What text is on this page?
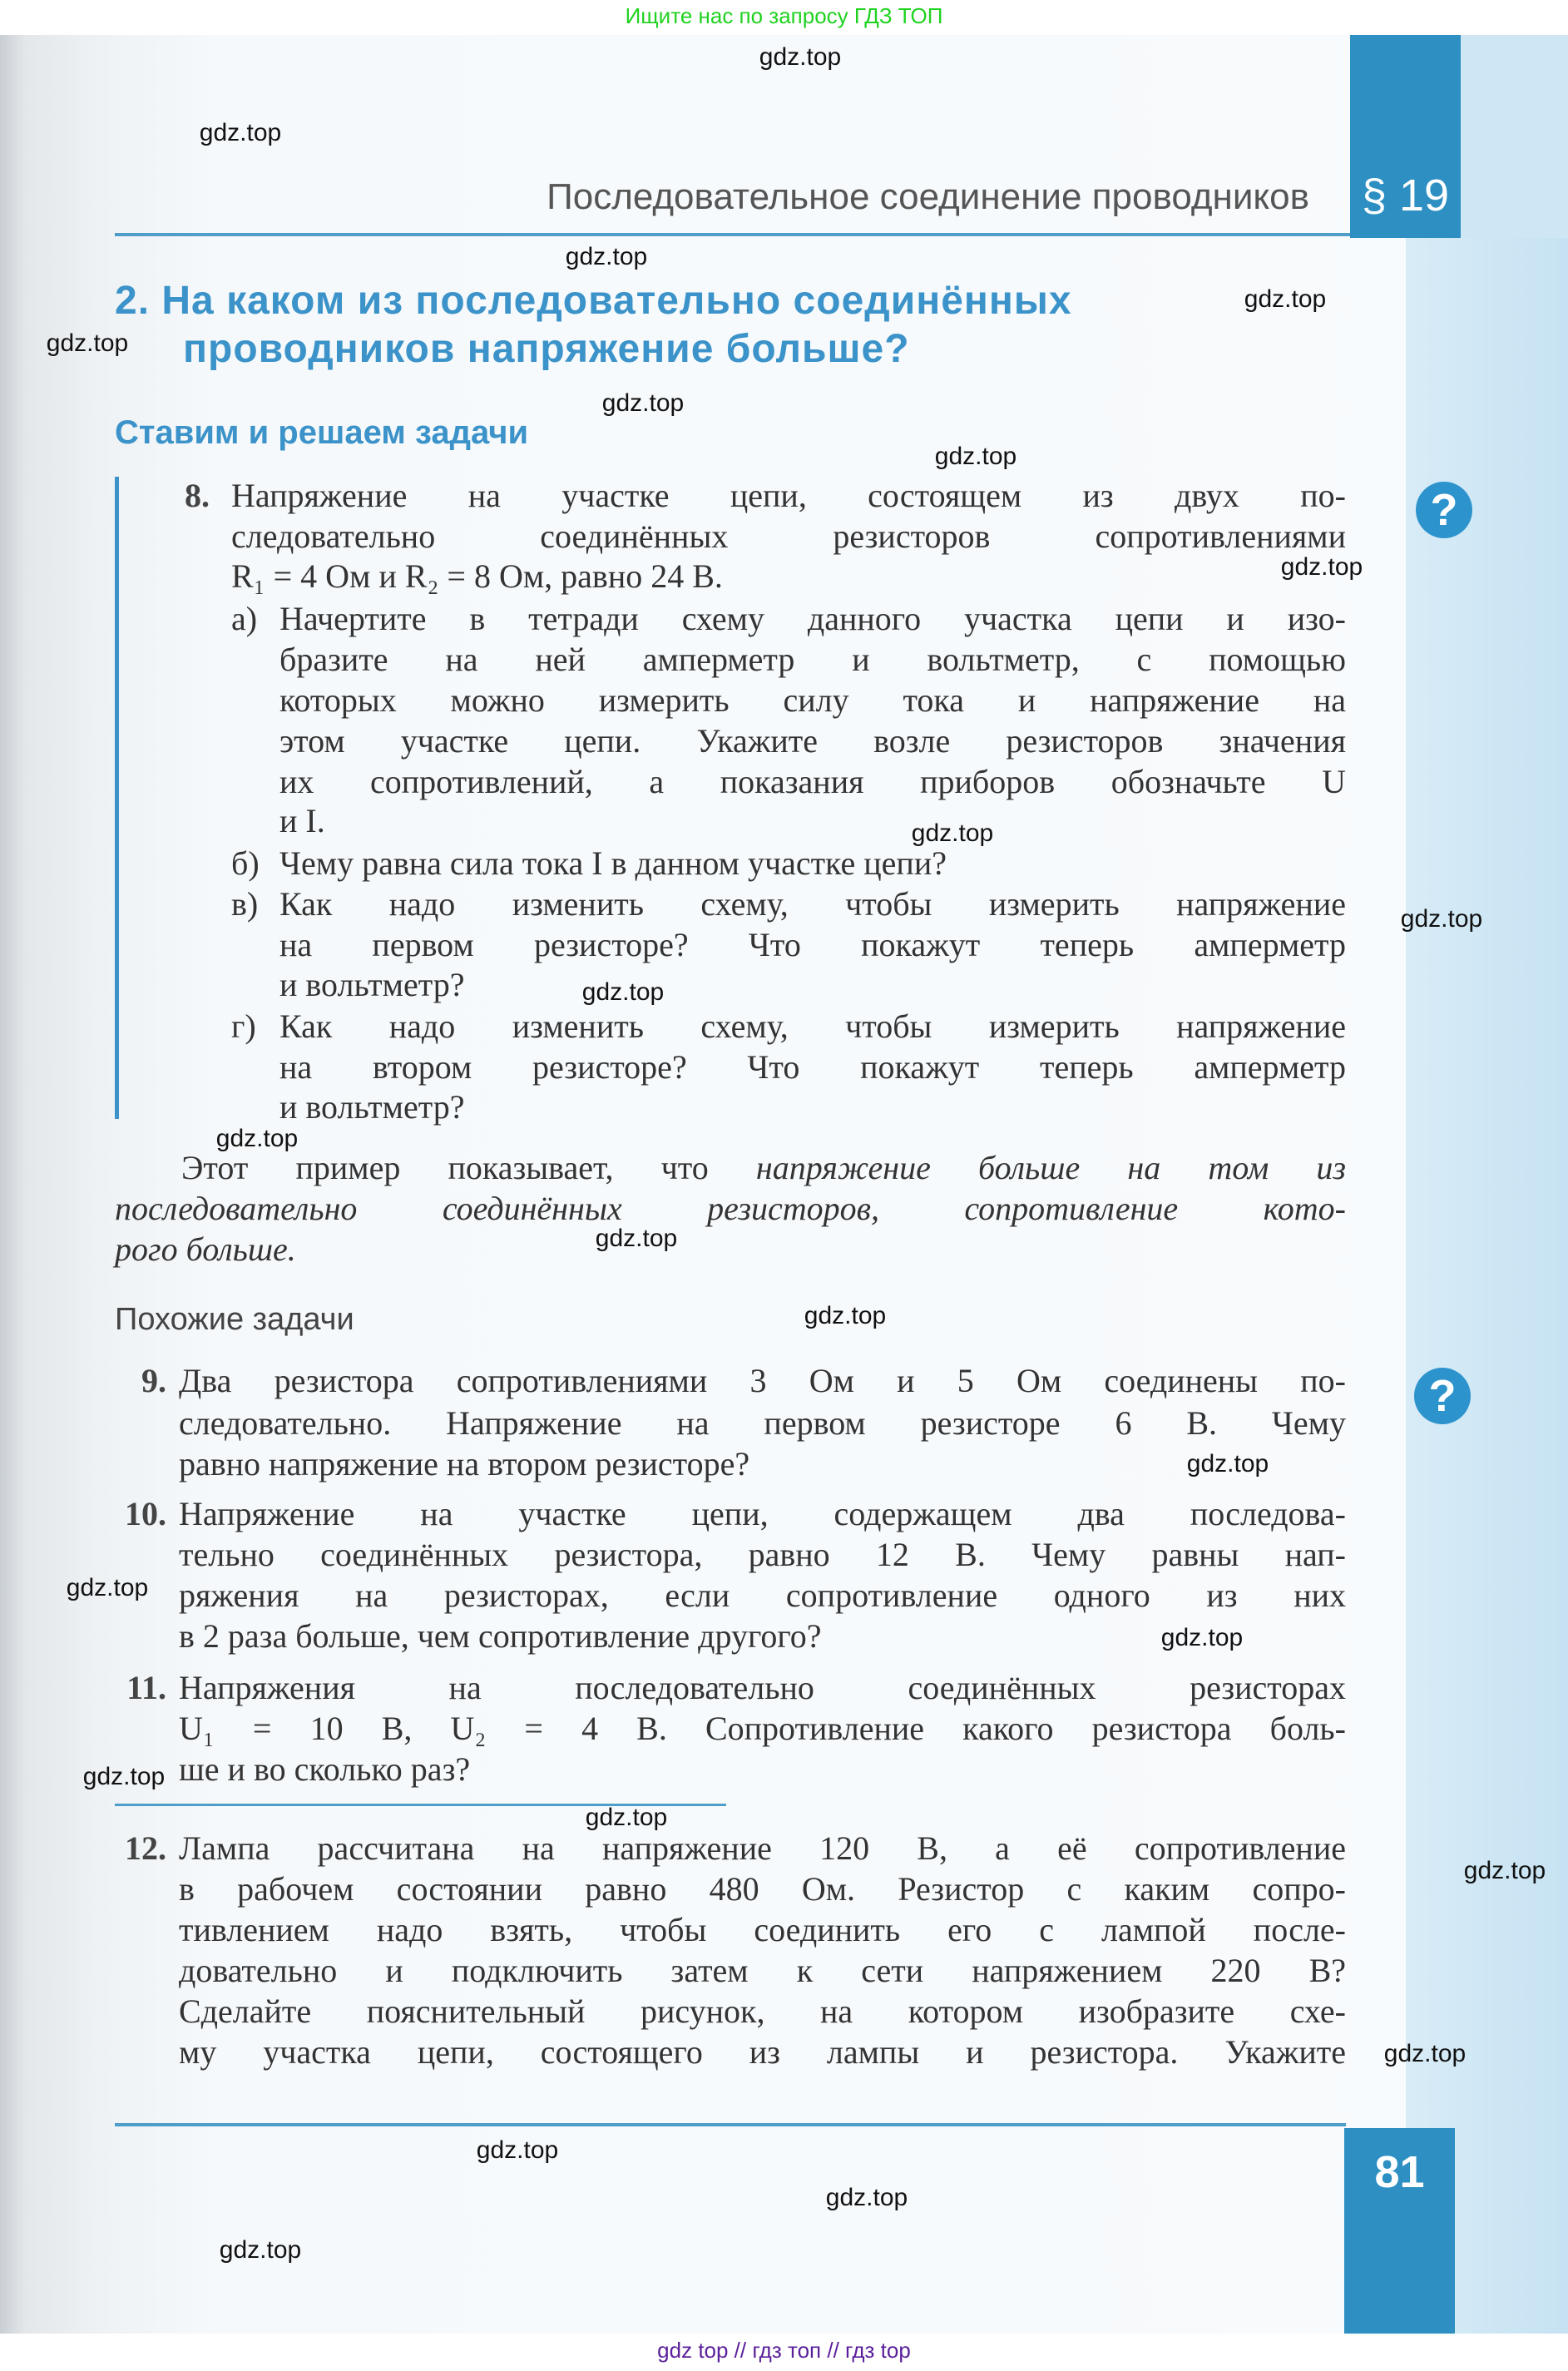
Ищите нас по запросу ГДЗ ТОП
§ 19
Последовательное соединение проводников
2. На каком из последовательно соединённых
проводников напряжение больше?
Ставим и решаем задачи
8. Напряжение на участке цепи, состоящем из двух по-
следовательно соединённых резисторов сопротивлениями
R₁ = 4 Ом и R₂ = 8 Ом, равно 24 В.
а) Начертите в тетради схему данного участка цепи и изо-
бразите на ней амперметр и вольтметр, с помощью
которых можно измерить силу тока и напряжение на
этом участке цепи. Укажите возле резисторов значения
их сопротивлений, а показания приборов обозначьте U
и I.
б) Чему равна сила тока I в данном участке цепи?
в) Как надо изменить схему, чтобы измерить напряжение
на первом резисторе? Что покажут теперь амперметр
и вольтметр?
г) Как надо изменить схему, чтобы измерить напряжение
на втором резисторе? Что покажут теперь амперметр
и вольтметр?
Этот пример показывает, что напряжение больше на том из
последовательно соединённых резисторов, сопротивление кото-
рого больше.
9. Два резистора сопротивлениями 3 Ом и 5 Ом соединены по-
следовательно. Напряжение на первом резисторе 6 В. Чему
равно напряжение на втором резисторе?
10. Напряжение на участке цепи, содержащем два последова-
тельно соединённых резистора, равно 12 В. Чему равны нап-
ряжения на резисторах, если сопротивление одного из них
в 2 раза больше, чем сопротивление другого?
11. Напряжения на последовательно соединённых резисторах
U₁ = 10 В, U₂ = 4 В. Сопротивление какого резистора боль-
ше и во сколько раз?
12. Лампа рассчитана на напряжение 120 В, а её сопротивление
в рабочем состоянии равно 480 Ом. Резистор с каким сопро-
тивлением надо взять, чтобы соединить его с лампой после-
довательно и подключить затем к сети напряжением 220 В?
Сделайте пояснительный рисунок, на котором изобразите схе-
му участка цепи, состоящего из лампы и резистора. Укажите
Похожие задачи
?
?
81
gdz top // гдз топ // гдз top
gdz.top
gdz.top
gdz.top
gdz.top
gdz.top
gdz.top
gdz.top
gdz.top
gdz.top
gdz.top
gdz.top
gdz.top
gdz.top
gdz.top
gdz.top
gdz.top
gdz.top
gdz.top
gdz.top
gdz.top
gdz.top
gdz.top
gdz.top
gdz.top
